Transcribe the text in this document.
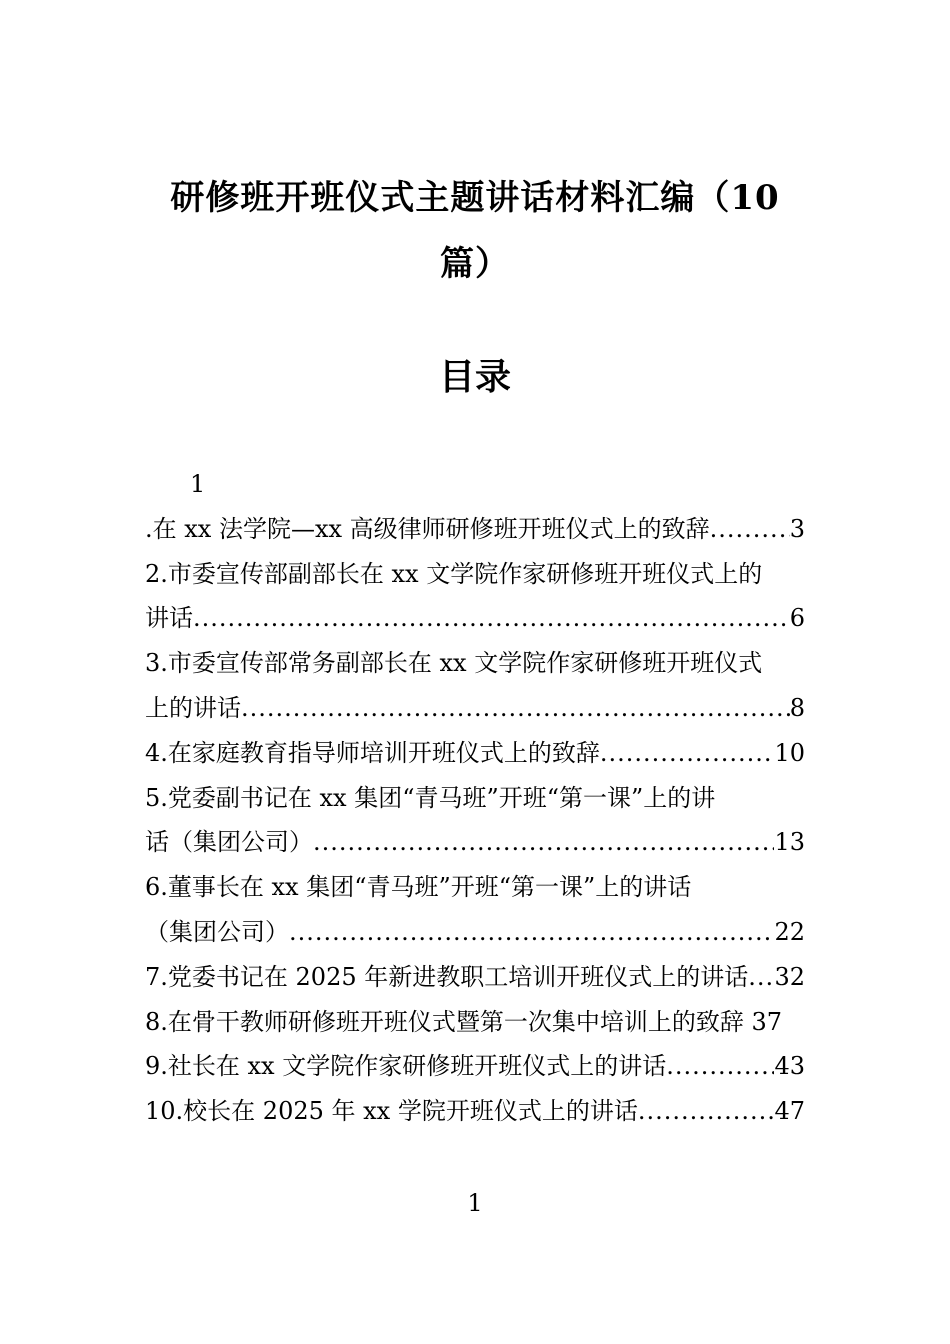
研修班开班仪式主题讲话材料汇编（10
篇）
目录
1
.在 xx 法学院—xx 高级律师研修班开班仪式上的致辞 .....	3
2.市委宣传部副部长在 xx 文学院作家研修班开班仪式上的
讲话 .....	6
3.市委宣传部常务副部长在 xx 文学院作家研修班开班仪式
上的讲话 .....	8
4.在家庭教育指导师培训开班仪式上的致辞 .....	10
5.党委副书记在 xx 集团“青马班”开班“第一课”上的讲
话（集团公司） .....	13
6.董事长在 xx 集团“青马班”开班“第一课”上的讲话
（集团公司） .....	22
7.党委书记在 2025 年新进教职工培训开班仪式上的讲话 ..... 32
8.在骨干教师研修班开班仪式暨第一次集中培训上的致辞 37
9.社长在 xx 文学院作家研修班开班仪式上的讲话 .....	43
10.校长在 2025 年 xx 学院开班仪式上的讲话 .....	47
1
